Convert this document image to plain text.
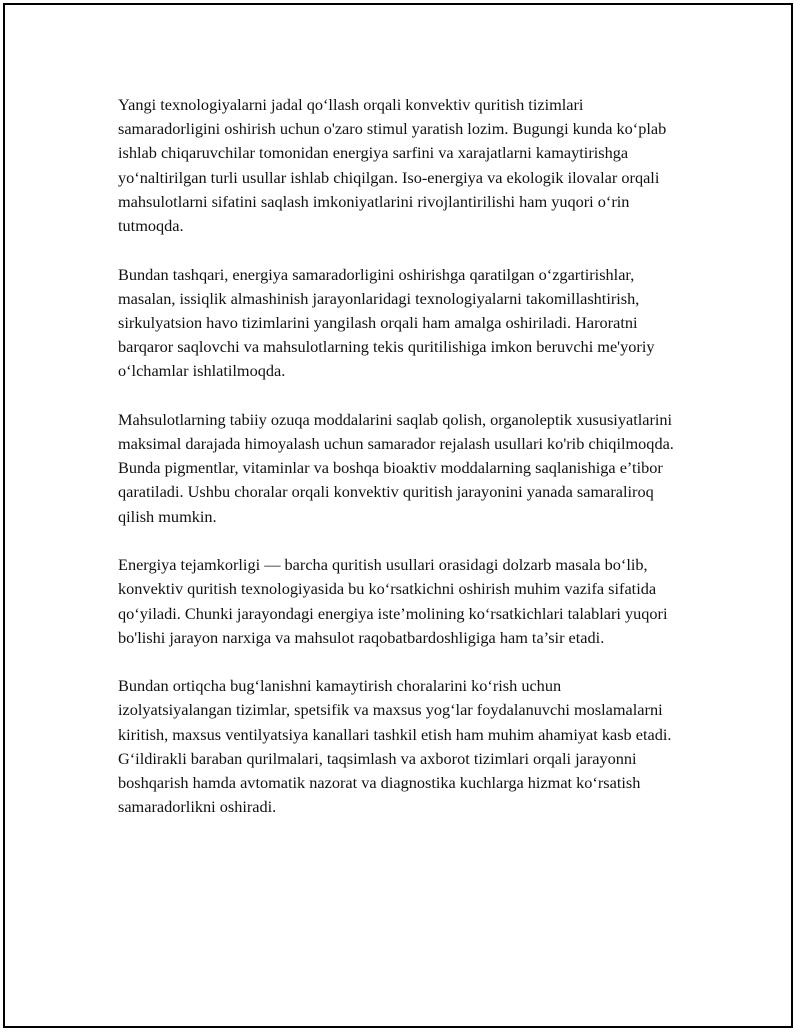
Yangi texnologiyalarni jadal qo‘llash orqali konvektiv quritish tizimlari samaradorligini oshirish uchun o'zaro stimul yaratish lozim. Bugungi kunda ko‘plab ishlab chiqaruvchilar tomonidan energiya sarfini va xarajatlarni kamaytirishga yo‘naltirilgan turli usullar ishlab chiqilgan. Iso-energiya va ekologik ilovalar orqali mahsulotlarni sifatini saqlash imkoniyatlarini rivojlantirilishi ham yuqori o‘rin tutmoqda.

Bundan tashqari, energiya samaradorligini oshirishga qaratilgan o‘zgartirishlar, masalan, issiqlik almashinish jarayonlaridagi texnologiyalarni takomillashtirish, sirkulyatsion havo tizimlarini yangilash orqali ham amalga oshiriladi. Haroratni barqaror saqlovchi va mahsulotlarning tekis quritilishiga imkon beruvchi me'yoriy o‘lchamlar ishlatilmoqda.

Mahsulotlarning tabiiy ozuqa moddalarini saqlab qolish, organoleptik xususiyatlarini maksimal darajada himoyalash uchun samarador rejalash usullari ko'rib chiqilmoqda. Bunda pigmentlar, vitaminlar va boshqa bioaktiv moddalarning saqlanishiga e’tibor qaratiladi. Ushbu choralar orqali konvektiv quritish jarayonini yanada samaraliroq qilish mumkin.

Energiya tejamkorligi — barcha quritish usullari orasidagi dolzarb masala bo‘lib, konvektiv quritish texnologiyasida bu ko‘rsatkichni oshirish muhim vazifa sifatida qo‘yiladi. Chunki jarayondagi energiya iste’molining ko‘rsatkichlari talablari yuqori bo'lishi jarayon narxiga va mahsulot raqobatbardoshligiga ham ta’sir etadi.

Bundan ortiqcha bug‘lanishni kamaytirish choralarini ko‘rish uchun izolyatsiyalangan tizimlar, spetsifik va maxsus yog‘lar foydalanuvchi moslamalarni kiritish, maxsus ventilyatsiya kanallari tashkil etish ham muhim ahamiyat kasb etadi. G‘ildirakli baraban qurilmalari, taqsimlash va axborot tizimlari orqali jarayonni boshqarish hamda avtomatik nazorat va diagnostika kuchlarga hizmat ko‘rsatish samaradorlikni oshiradi.
